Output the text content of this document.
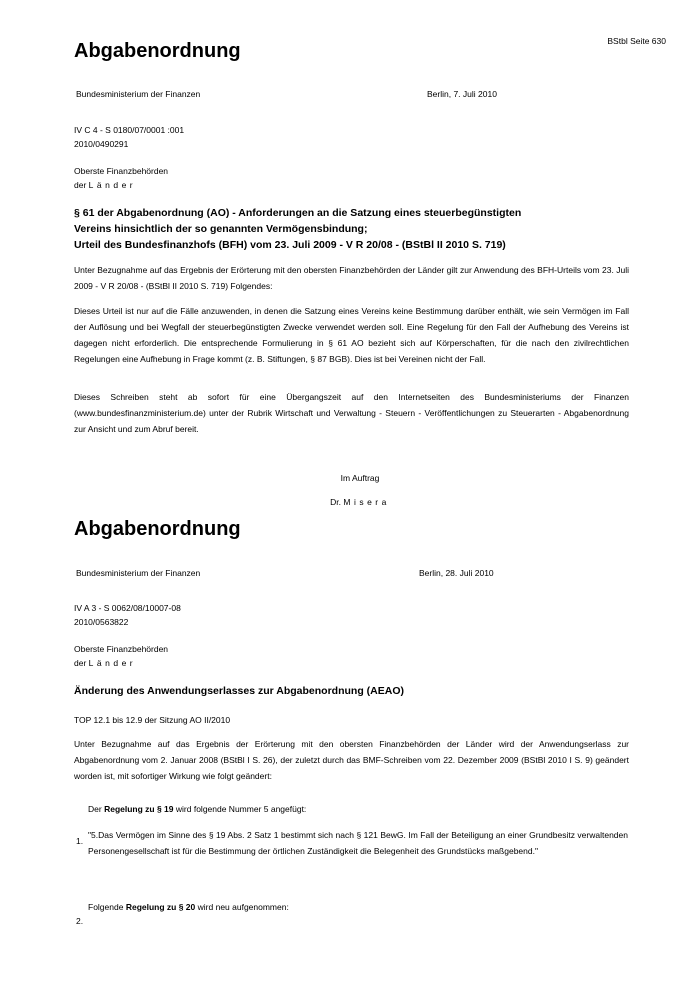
BStbl Seite 630
Abgabenordnung
Bundesministerium der Finanzen	Berlin, 7. Juli 2010
IV C 4 - S 0180/07/0001 :001
2010/0490291
Oberste Finanzbehörden
der Länder
§ 61 der Abgabenordnung (AO) - Anforderungen an die Satzung eines steuerbegünstigten
Vereins hinsichtlich der so genannten Vermögensbindung;
Urteil des Bundesfinanzhofs (BFH) vom 23. Juli 2009 - V R 20/08 - (BStBl II 2010 S. 719)
Unter Bezugnahme auf das Ergebnis der Erörterung mit den obersten Finanzbehörden der Länder gilt zur Anwendung des BFH-Urteils vom 23. Juli 2009 - V R 20/08 - (BStBl II 2010 S. 719) Folgendes:
Dieses Urteil ist nur auf die Fälle anzuwenden, in denen die Satzung eines Vereins keine Bestimmung darüber enthält, wie sein Vermögen im Fall der Auflösung und bei Wegfall der steuerbegünstigten Zwecke verwendet werden soll. Eine Regelung für den Fall der Aufhebung des Vereins ist dagegen nicht erforderlich. Die entsprechende Formulierung in § 61 AO bezieht sich auf Körperschaften, für die nach den zivilrechtlichen Regelungen eine Aufhebung in Frage kommt (z. B. Stiftungen, § 87 BGB). Dies ist bei Vereinen nicht der Fall.
Dieses Schreiben steht ab sofort für eine Übergangszeit auf den Internetseiten des Bundesministeriums der Finanzen (www.bundesfinanzministerium.de) unter der Rubrik Wirtschaft und Verwaltung - Steuern - Veröffentlichungen zu Steuerarten - Abgabenordnung zur Ansicht und zum Abruf bereit.
Im Auftrag
Dr. Misera
Abgabenordnung
Bundesministerium der Finanzen	Berlin, 28. Juli 2010
IV A 3 - S 0062/08/10007-08
2010/0563822
Oberste Finanzbehörden
der Länder
Änderung des Anwendungserlasses zur Abgabenordnung (AEAO)
TOP 12.1 bis 12.9 der Sitzung AO II/2010
Unter Bezugnahme auf das Ergebnis der Erörterung mit den obersten Finanzbehörden der Länder wird der Anwendungserlass zur Abgabenordnung vom 2. Januar 2008 (BStBl I S. 26), der zuletzt durch das BMF-Schreiben vom 22. Dezember 2009 (BStBl 2010 I S. 9) geändert worden ist, mit sofortiger Wirkung wie folgt geändert:
Der Regelung zu § 19 wird folgende Nummer 5 angefügt:
1.
"5.Das Vermögen im Sinne des § 19 Abs. 2 Satz 1 bestimmt sich nach § 121 BewG. Im Fall der Beteiligung an einer Grundbesitz verwaltenden Personengesellschaft ist für die Bestimmung der örtlichen Zuständigkeit die Belegenheit des Grundstücks maßgebend."
Folgende Regelung zu § 20 wird neu aufgenommen:
2.
